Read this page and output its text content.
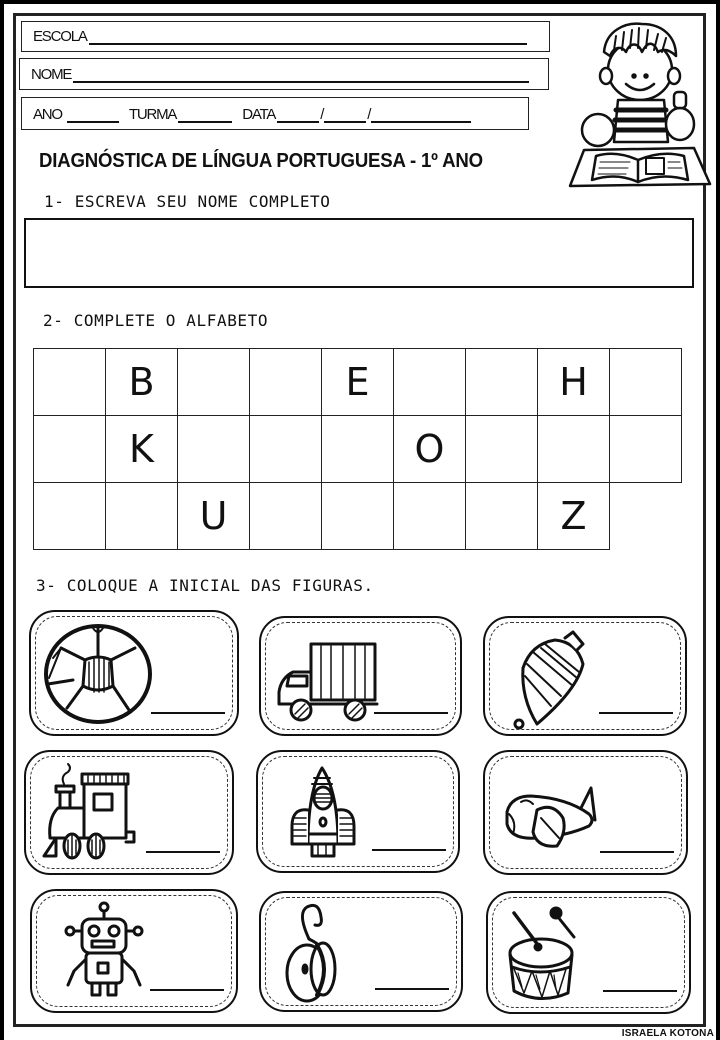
ESCOLA
NOME
ANO	TURMA	DATA	/	/
DIAGNÓSTICA DE LÍNGUA PORTUGUESA - 1º ANO
1- ESCREVA SEU NOME COMPLETO
2- COMPLETE O ALFABETO
	B			E			H	
	K				O			
		U					Z	
3- COLOQUE A INICIAL DAS FIGURAS.
ISRAELA KOTONA
